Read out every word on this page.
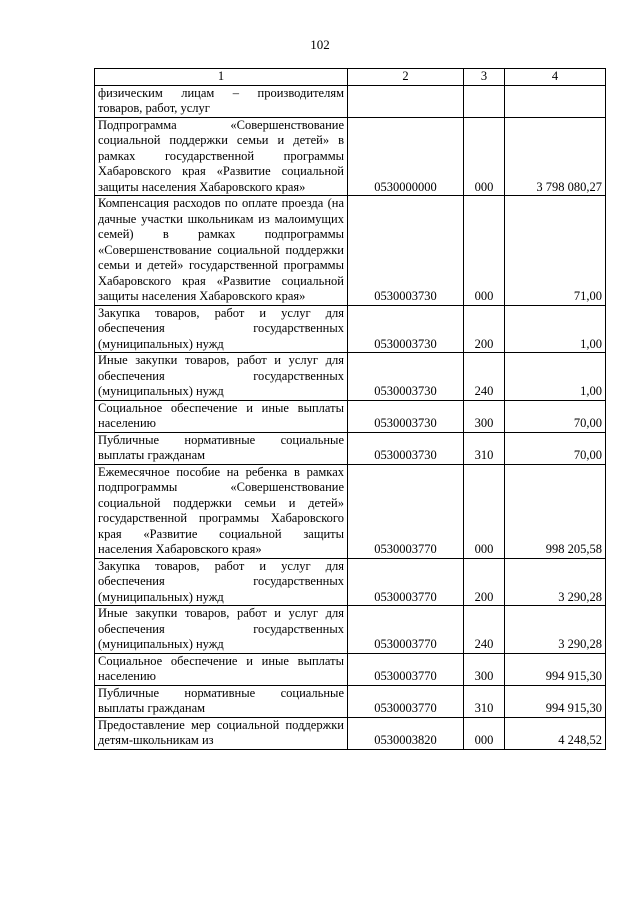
102
1	2	3	4
физическим лицам – производителям товаров, работ, услуг			
Подпрограмма «Совершенствование социальной поддержки семьи и детей» в рамках государственной программы Хабаровского края «Развитие социальной защиты населения Хабаровского края»	0530000000	000	3 798 080,27
Компенсация расходов по оплате проезда (на дачные участки школьникам из малоимущих семей) в рамках подпрограммы «Совершенствование социальной поддержки семьи и детей» государственной программы Хабаровского края «Развитие социальной защиты населения Хабаровского края»	0530003730	000	71,00
Закупка товаров, работ и услуг для обеспечения государственных (муниципальных) нужд	0530003730	200	1,00
Иные закупки товаров, работ и услуг для обеспечения государственных (муниципальных) нужд	0530003730	240	1,00
Социальное обеспечение и иные выплаты населению	0530003730	300	70,00
Публичные нормативные социальные выплаты гражданам	0530003730	310	70,00
Ежемесячное пособие на ребенка в рамках подпрограммы «Совершенствование социальной поддержки семьи и детей» государственной программы Хабаровского края «Развитие социальной защиты населения Хабаровского края»	0530003770	000	998 205,58
Закупка товаров, работ и услуг для обеспечения государственных (муниципальных) нужд	0530003770	200	3 290,28
Иные закупки товаров, работ и услуг для обеспечения государственных (муниципальных) нужд	0530003770	240	3 290,28
Социальное обеспечение и иные выплаты населению	0530003770	300	994 915,30
Публичные нормативные социальные выплаты гражданам	0530003770	310	994 915,30
Предоставление мер социальной поддержки детям-школьникам из	0530003820	000	4 248,52
